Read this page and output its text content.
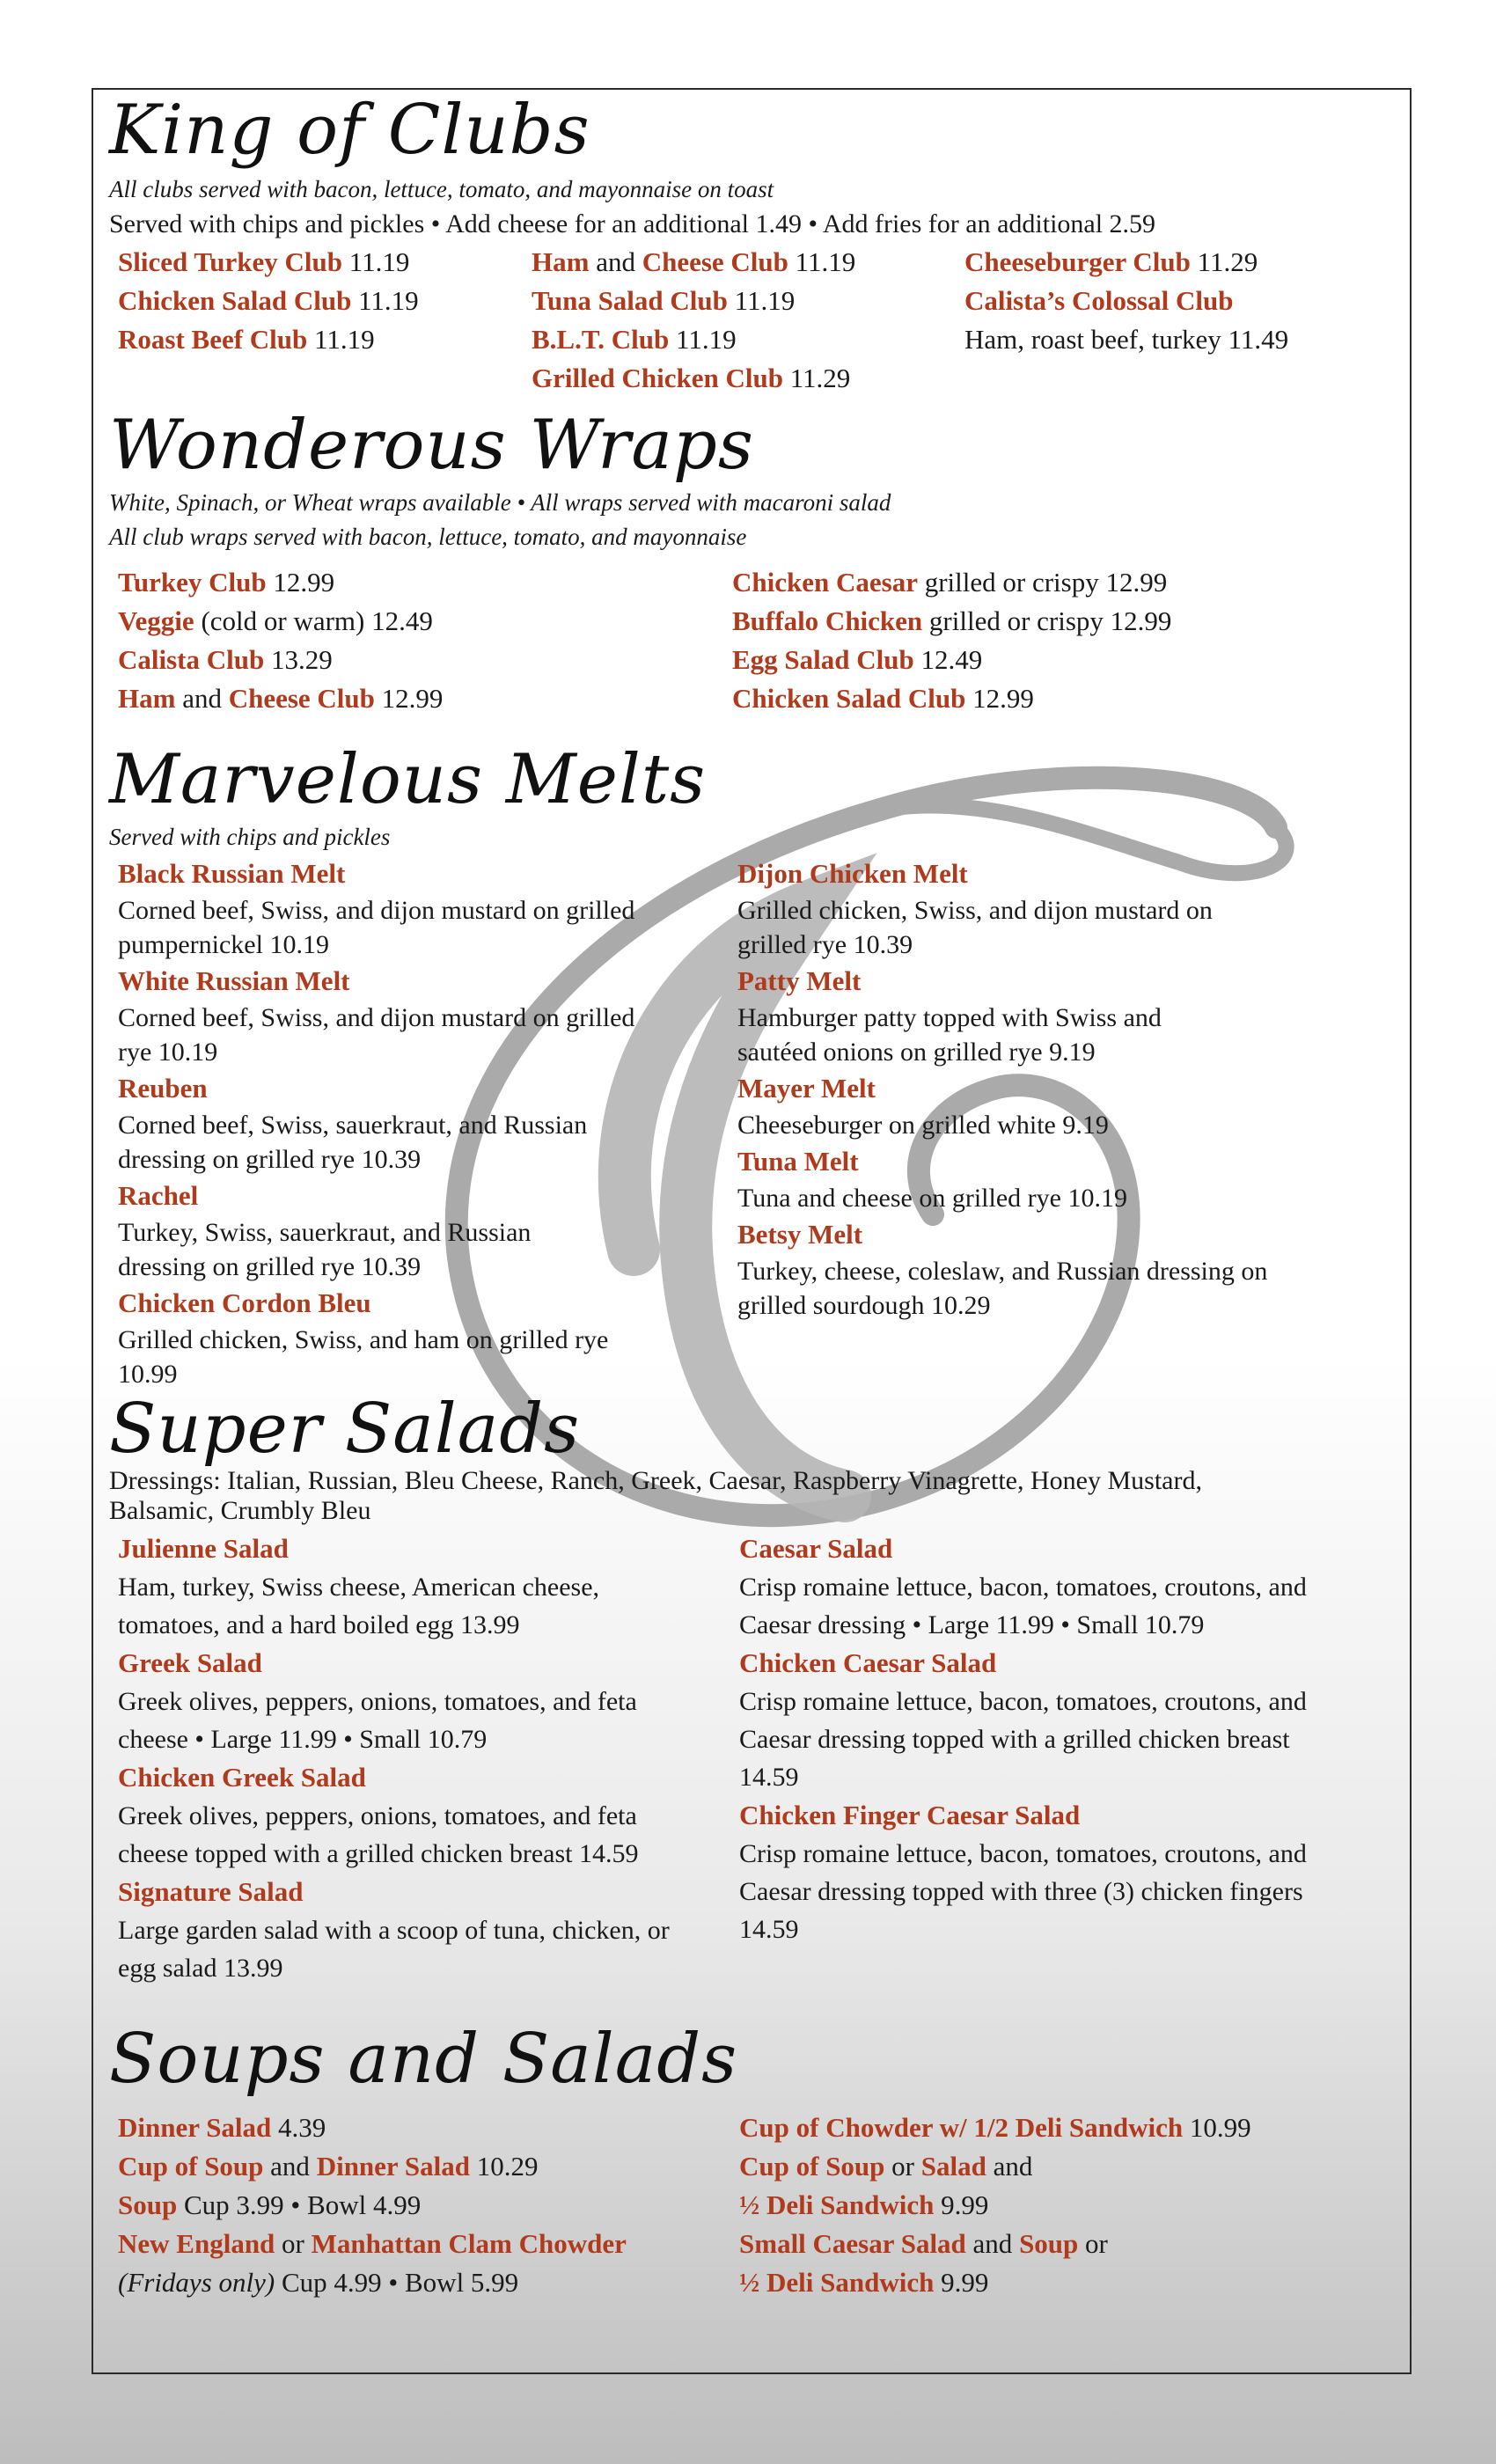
King of Clubs

All clubs served with bacon, lettuce, tomato, and mayonnaise on toast

Served with chips and pickles • Add cheese for an additional 1.49 • Add fries for an additional 2.59

Sliced Turkey Club 11.19
Chicken Salad Club 11.19
Roast Beef Club 11.19
Ham and Cheese Club 11.19
Tuna Salad Club 11.19
B.L.T. Club 11.19
Grilled Chicken Club 11.29
Cheeseburger Club 11.29
Calista’s Colossal Club
Ham, roast beef, turkey 11.49
Wonderous Wraps

White, Spinach, or Wheat wraps available • All wraps served with macaroni salad

All club wraps served with bacon, lettuce, tomato, and mayonnaise

Turkey Club 12.99
Veggie (cold or warm) 12.49
Calista Club 13.29
Ham and Cheese Club 12.99
Chicken Caesar grilled or crispy 12.99
Buffalo Chicken grilled or crispy 12.99
Egg Salad Club 12.49
Chicken Salad Club 12.99
Marvelous Melts

Served with chips and pickles

Black Russian Melt
Corned beef, Swiss, and dijon mustard on grilled
pumpernickel 10.19
White Russian Melt
Corned beef, Swiss, and dijon mustard on grilled
rye 10.19
Reuben
Corned beef, Swiss, sauerkraut, and Russian
dressing on grilled rye 10.39
Rachel
Turkey, Swiss, sauerkraut, and Russian
dressing on grilled rye 10.39
Chicken Cordon Bleu
Grilled chicken, Swiss, and ham on grilled rye
10.99
Dijon Chicken Melt
Grilled chicken, Swiss, and dijon mustard on
grilled rye 10.39
Patty Melt
Hamburger patty topped with Swiss and
sautéed onions on grilled rye 9.19
Mayer Melt
Cheeseburger on grilled white 9.19
Tuna Melt
Tuna and cheese on grilled rye 10.19
Betsy Melt
Turkey, cheese, coleslaw, and Russian dressing on
grilled sourdough 10.29
Super Salads

Dressings: Italian, Russian, Bleu Cheese, Ranch, Greek, Caesar, Raspberry Vinagrette, Honey Mustard,

Balsamic, Crumbly Bleu

Julienne Salad
Ham, turkey, Swiss cheese, American cheese,
tomatoes, and a hard boiled egg 13.99
Greek Salad
Greek olives, peppers, onions, tomatoes, and feta
cheese • Large 11.99 • Small 10.79
Chicken Greek Salad
Greek olives, peppers, onions, tomatoes, and feta
cheese topped with a grilled chicken breast 14.59
Signature Salad
Large garden salad with a scoop of tuna, chicken, or
egg salad 13.99
Caesar Salad
Crisp romaine lettuce, bacon, tomatoes, croutons, and
Caesar dressing • Large 11.99 • Small 10.79
Chicken Caesar Salad
Crisp romaine lettuce, bacon, tomatoes, croutons, and
Caesar dressing topped with a grilled chicken breast
14.59
Chicken Finger Caesar Salad
Crisp romaine lettuce, bacon, tomatoes, croutons, and
Caesar dressing topped with three (3) chicken fingers
14.59
Soups and Salads
Dinner Salad 4.39
Cup of Soup and Dinner Salad 10.29
Soup Cup 3.99 • Bowl 4.99
New England or Manhattan Clam Chowder
(Fridays only) Cup 4.99 • Bowl 5.99
Cup of Chowder w/ 1/2 Deli Sandwich 10.99
Cup of Soup or Salad and
½ Deli Sandwich 9.99
Small Caesar Salad and Soup or
½ Deli Sandwich 9.99
